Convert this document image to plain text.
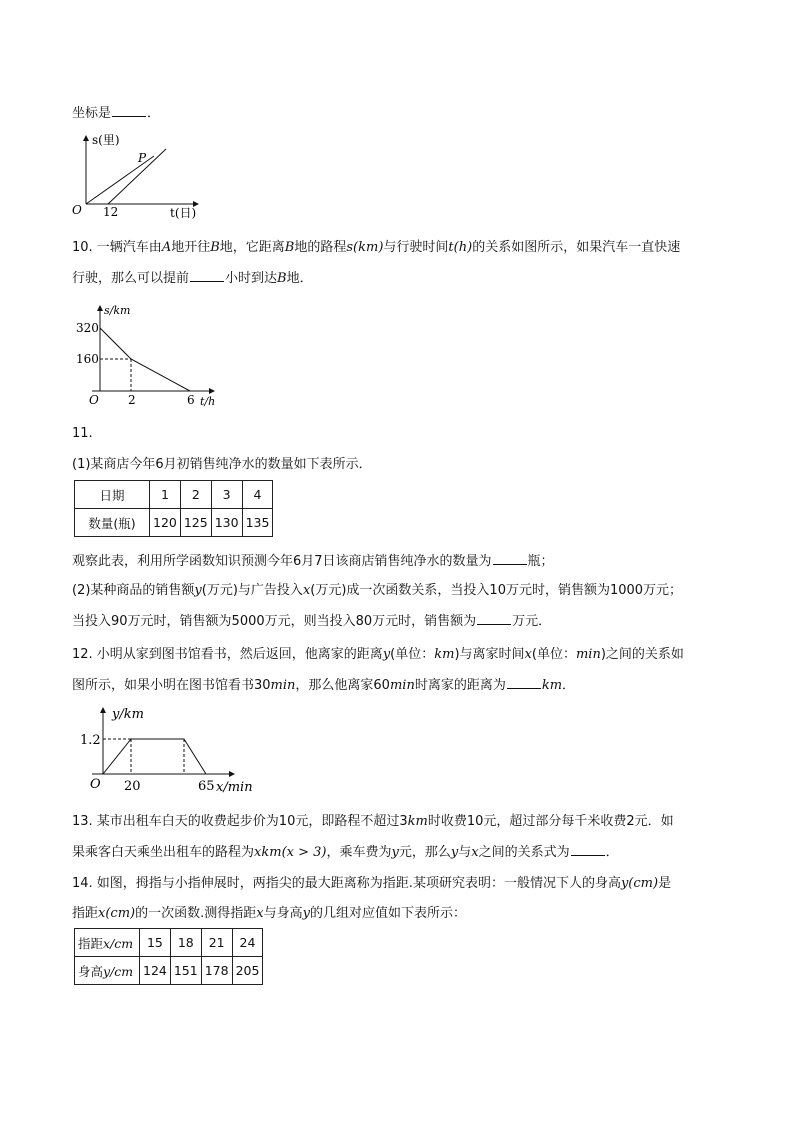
坐标是	．
s(里)
P
O 12	t(日)
10. 一辆汽车由A地开往B地，它距离B地的路程s(km)与行驶时间t(h)的关系如图所示，如果汽车一直快速
行驶，那么可以提前	小时到达B地．
s/km
320
160
O 2	6 t/h
11.
(1)某商店今年6月初销售纯净水的数量如下表所示．
日期	1	2	3	4
数量(瓶)	120	125	130	135
观察此表，利用所学函数知识预测今年6月7日该商店销售纯净水的数量为	瓶；
(2)某种商品的销售额y(万元)与广告投入x(万元)成一次函数关系，当投入10万元时，销售额为1000万元；
当投入90万元时，销售额为5000万元，则当投入80万元时，销售额为	万元．
12. 小明从家到图书馆看书，然后返回，他离家的距离y(单位：km)与离家时间x(单位：min)之间的关系如
图所示，如果小明在图书馆看书30min，那么他离家60min时离家的距离为	km．
y/km
1.2
O 20	65 x/min
13. 某市出租车白天的收费起步价为10元，即路程不超过3km时收费10元，超过部分每千米收费2元．如
果乘客白天乘坐出租车的路程为xkm(x > 3)，乘车费为y元，那么y与x之间的关系式为	．
14. 如图，拇指与小指伸展时，两指尖的最大距离称为指距.某项研究表明：一般情况下人的身高y(cm)是
指距x(cm)的一次函数.测得指距x与身高y的几组对应值如下表所示：
指距x/cm	15	18	21	24
身高y/cm	124	151	178	205
